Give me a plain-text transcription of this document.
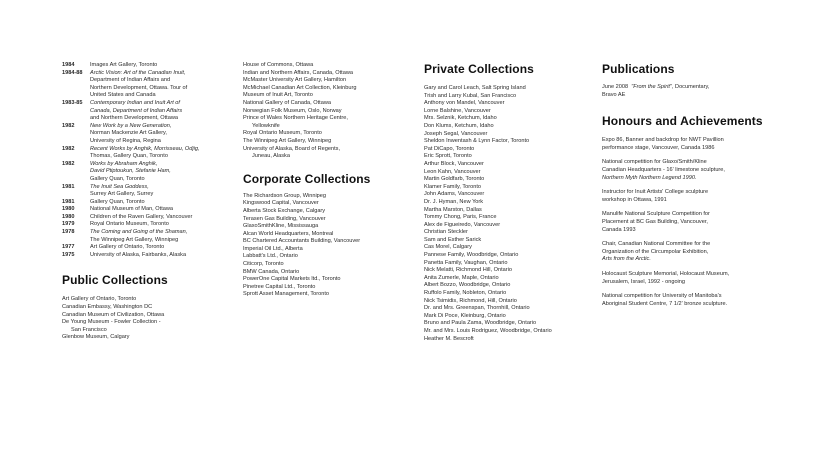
1984	Images Art Gallery, Toronto
1984-88	Arctic Vision: Art of the Canadian Inuit,
Department of Indian Affairs and
Northern Development, Ottawa. Tour of
United States and Canada
1983-85	Contemporary Indian and Inuit Art of
Canada, Department of Indian Affairs
and Northern Development, Ottawa
1982	New Work by a New Generation,
Norman Mackenzie Art Gallery,
University of Regina, Regina
1982	Recent Works by Anghik, Morrisseau, Odjig,
Thomas, Gallery Quan, Toronto
1982	Works by Abraham Anghik,
David Ptiptoukun, Stefanie Ham,
Gallery Quan, Toronto
1981	The Inuit Sea Goddess,
Surrey Art Gallery, Surrey
1981	Gallery Quan, Toronto
1980	National Museum of Man, Ottawa
1980	Children of the Raven Gallery, Vancouver
1979	Royal Ontario Museum, Toronto
1978	The Coming and Going of the Shaman,
The Winnipeg Art Gallery, Winnipeg
1977	Art Gallery of Ontario, Toronto
1975	University of Alaska, Fairbanks, Alaska
Public Collections
Art Gallery of Ontario, Toronto
Canadian Embassy, Washington DC
Canadian Museum of Civilization, Ottawa
De Young Museum - Fowler Collection -
San Francisco
Glenbow Museum, Calgary
House of Commons, Ottawa
Indian and Northern Affairs, Canada, Ottawa
McMaster University Art Gallery, Hamilton
McMichael Canadian Art Collection, Kleinburg
Museum of Inuit Art, Toronto
National Gallery of Canada, Ottawa
Norwegian Folk Museum, Oslo, Norway
Prince of Wales Northern Heritage Centre,
Yellowknife
Royal Ontario Museum, Toronto
The Winnipeg Art Gallery, Winnipeg
University of Alaska, Board of Regents,
Juneau, Alaska
Corporate Collections
The Richardson Group, Winnipeg
Kingswood Capital, Vancouver
Alberta Stock Exchange, Calgary
Terasen Gas Building, Vancouver
GlaxoSmithKline, Mississauga
Alcan World Headquarters, Montreal
BC Chartered Accountants Building, Vancouver
Imperial Oil Ltd., Alberta
Labbatt's Ltd., Ontario
Citicorp, Toronto
BMW Canada, Ontario
PowerOne Capital Markets ltd., Toronto
Pinetree Capital Ltd., Toronto
Sprott Asset Management, Toronto
Private Collections
Gary and Carol Leach, Salt Spring Island
Trish and Larry Kubal, San Francisco
Anthony von Mandel, Vancouver
Lorne Balshine, Vancouver
Mrs. Selznik, Ketchum, Idaho
Don Klums, Ketchum, Idaho
Joseph Segal, Vancouver
Sheldon Inwentash & Lynn Factor, Toronto
Pat DiCapo, Toronto
Eric Sprott, Toronto
Arthur Block, Vancouver
Leon Kahn, Vancouver
Martin Goldfarb, Toronto
Klamer Family, Toronto
John Adams, Vancouver
Dr. J. Hyman, New York
Martha Marston, Dallas
Tommy Chong, Paris, France
Alex de Figueiredo, Vancouver
Christian Steckler
Sam and Esther Sarick
Cas Morel, Calgary
Pannese Family, Woodbridge, Ontario
Panetta Family, Vaughan, Ontario
Nick Melatti, Richmond Hill, Ontario
Anita Zumerle, Maple, Ontario
Albert Bozzo, Woodbridge, Ontario
Ruffolo Family, Nobleton, Ontario
Nick Tsimidis, Richmond, Hill, Ontario
Dr. and Mrs. Greenspan, Thornhill, Ontario
Mark Di Poce, Kleinburg, Ontario
Bruno and Paula Zama, Woodbridge, Ontario
Mr. and Mrs. Louis Rodriguez, Woodbridge, Ontario
Heather M. Bescroft
Publications
June 2008 "From the Spirit", Documentary,
Bravo AE
Honours and Achievements
Expo 86, Banner and backdrop for NWT Pavillion
performance stage, Vancouver, Canada 1986
National competition for Glaxo/Smith/Kline
Canadian Headquarters - 16' limestone sculpture,
Northern Myth Northern Legend 1990.
Instructor for Inuit Artists' College sculpture
workshop in Ottawa, 1991
Manulife National Sculpture Competition for
Placement at BC Gas Building, Vancouver,
Canada 1993
Chair, Canadian National Committee for the
Organization of the Circumpolar Exhibition,
Arts from the Arctic.
Holocaust Sculpture Memorial, Holocaust Museum,
Jerusalem, Israel, 1992 - ongoing
National competition for University of Manitoba's
Aboriginal Student Centre, 7 1/2' bronze sculpture.
